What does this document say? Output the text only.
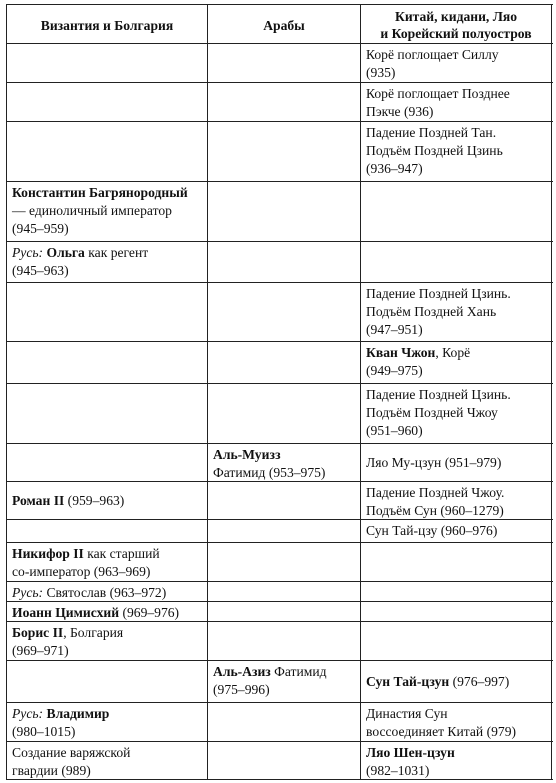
Византия и Болгария	Арабы
Китай, кидани, Ляо
и Корейский полуостров
Корё поглощает Силлу
(935)
Корё поглощает Позднее
Пэкче (936)
Падение Поздней Тан.
Подъём Поздней Цзинь
(936–947)
Константин Багрянородный
— единоличный император
(945–959)
Русь: Ольга как регент
(945–963)
Падение Поздней Цзинь.
Подъём Поздней Хань
(947–951)
Кван Чжон, Корё
(949–975)
Падение Поздней Цзинь.
Подъём Поздней Чжоу
(951–960)
Аль-Муизз
Фатимид (953–975)
Ляо Му-цзун (951–979)
Роман II (959–963)
Падение Поздней Чжоу.
Подъём Сун (960–1279)
Сун Тай-цзу (960–976)
Никифор II как старший
со-император (963–969)
Русь: Святослав (963–972)
Иоанн Цимисхий (969–976)
Борис II, Болгария
(969–971)
Аль-Азиз Фатимид
(975–996)
Сун Тай-цзун (976–997)
Русь: Владимир
(980–1015)
Династия Сун
воссоединяет Китай (979)
Создание варяжской
гвардии (989)
Ляо Шен-цзун
(982–1031)
